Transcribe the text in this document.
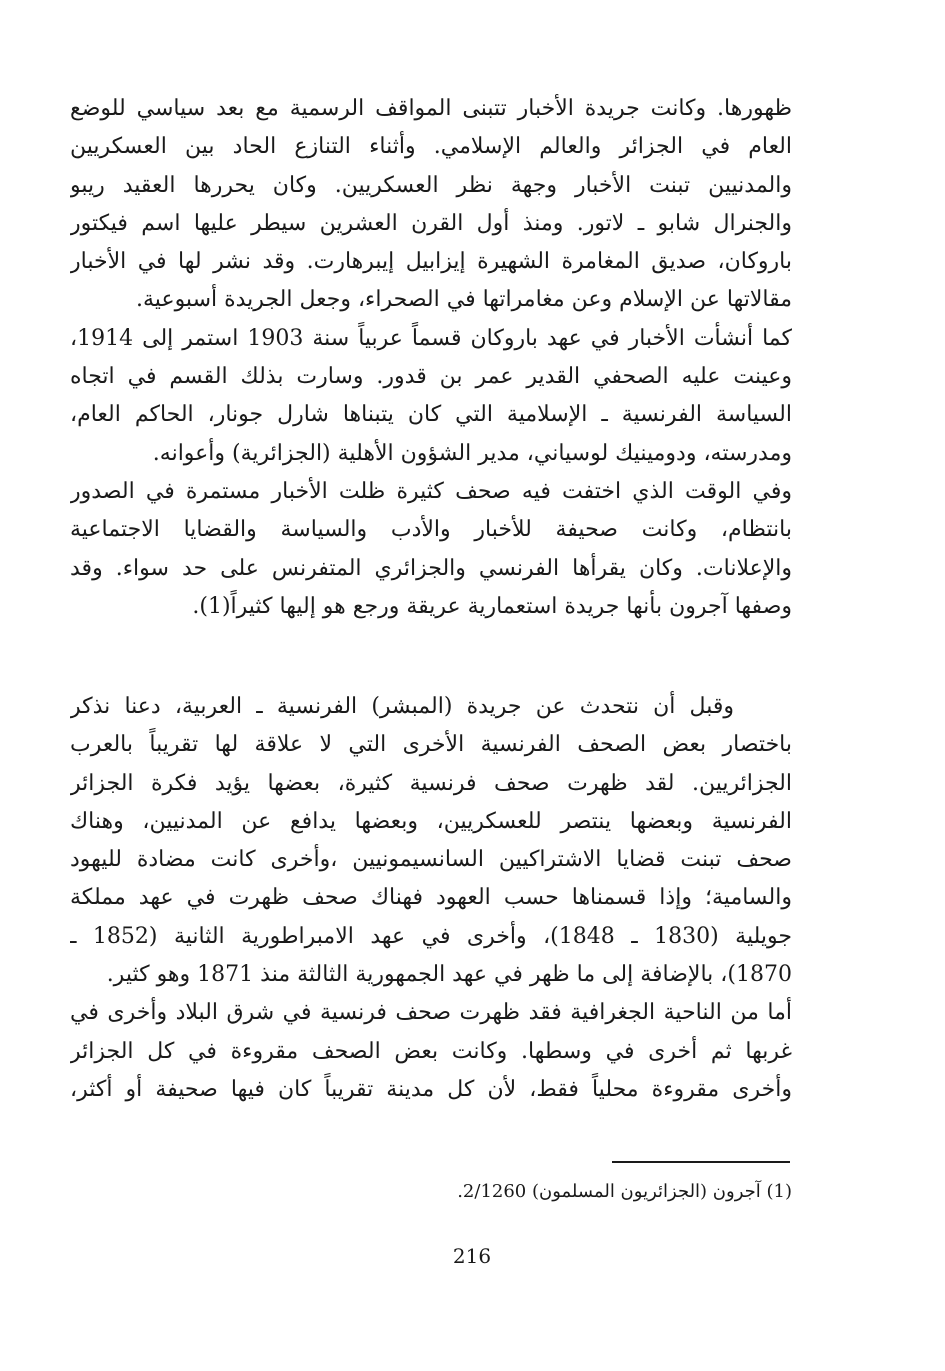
ظهورها. وكانت جريدة الأخبار تتبنى المواقف الرسمية مع بعد سياسي للوضع
العام في الجزائر والعالم الإسلامي. وأثناء التنازع الحاد بين العسكريين
والمدنيين تبنت الأخبار وجهة نظر العسكريين. وكان يحررها العقيد ريبو
والجنرال شابو ـ لاتور. ومنذ أول القرن العشرين سيطر عليها اسم فيكتور
باروكان، صديق المغامرة الشهيرة إيزابيل إيبرهارت. وقد نشر لها في الأخبار
مقالاتها عن الإسلام وعن مغامراتها في الصحراء، وجعل الجريدة أسبوعية.
كما أنشأت الأخبار في عهد باروكان قسماً عربياً سنة 1903 استمر إلى 1914،
وعينت عليه الصحفي القدير عمر بن قدور. وسارت بذلك القسم في اتجاه
السياسة الفرنسية ـ الإسلامية التي كان يتبناها شارل جونار، الحاكم العام،
ومدرسته، ودومينيك لوسياني، مدير الشؤون الأهلية (الجزائرية) وأعوانه.
وفي الوقت الذي اختفت فيه صحف كثيرة ظلت الأخبار مستمرة في الصدور
بانتظام، وكانت صحيفة للأخبار والأدب والسياسة والقضايا الاجتماعية
والإعلانات. وكان يقرأها الفرنسي والجزائري المتفرنس على حد سواء. وقد
وصفها آجرون بأنها جريدة استعمارية عريقة ورجع هو إليها كثيراً(1).
وقبل أن نتحدث عن جريدة (المبشر) الفرنسية ـ العربية، دعنا نذكر
باختصار بعض الصحف الفرنسية الأخرى التي لا علاقة لها تقريباً بالعرب
الجزائريين. لقد ظهرت صحف فرنسية كثيرة، بعضها يؤيد فكرة الجزائر
الفرنسية وبعضها ينتصر للعسكريين، وبعضها يدافع عن المدنيين، وهناك
صحف تبنت قضايا الاشتراكيين السانسيمونيين ،وأخرى كانت مضادة لليهود
والسامية؛ وإذا قسمناها حسب العهود فهناك صحف ظهرت في عهد مملكة
جويلية (1830 ـ 1848)، وأخرى في عهد الامبراطورية الثانية (1852 ـ
1870)، بالإضافة إلى ما ظهر في عهد الجمهورية الثالثة منذ 1871 وهو كثير.
أما من الناحية الجغرافية فقد ظهرت صحف فرنسية في شرق البلاد وأخرى في
غربها ثم أخرى في وسطها. وكانت بعض الصحف مقروءة في كل الجزائر
وأخرى مقروءة محلياً فقط، لأن كل مدينة تقريباً كان فيها صحيفة أو أكثر،
(1) آجرون (الجزائريون المسلمون) 2/1260.
216
